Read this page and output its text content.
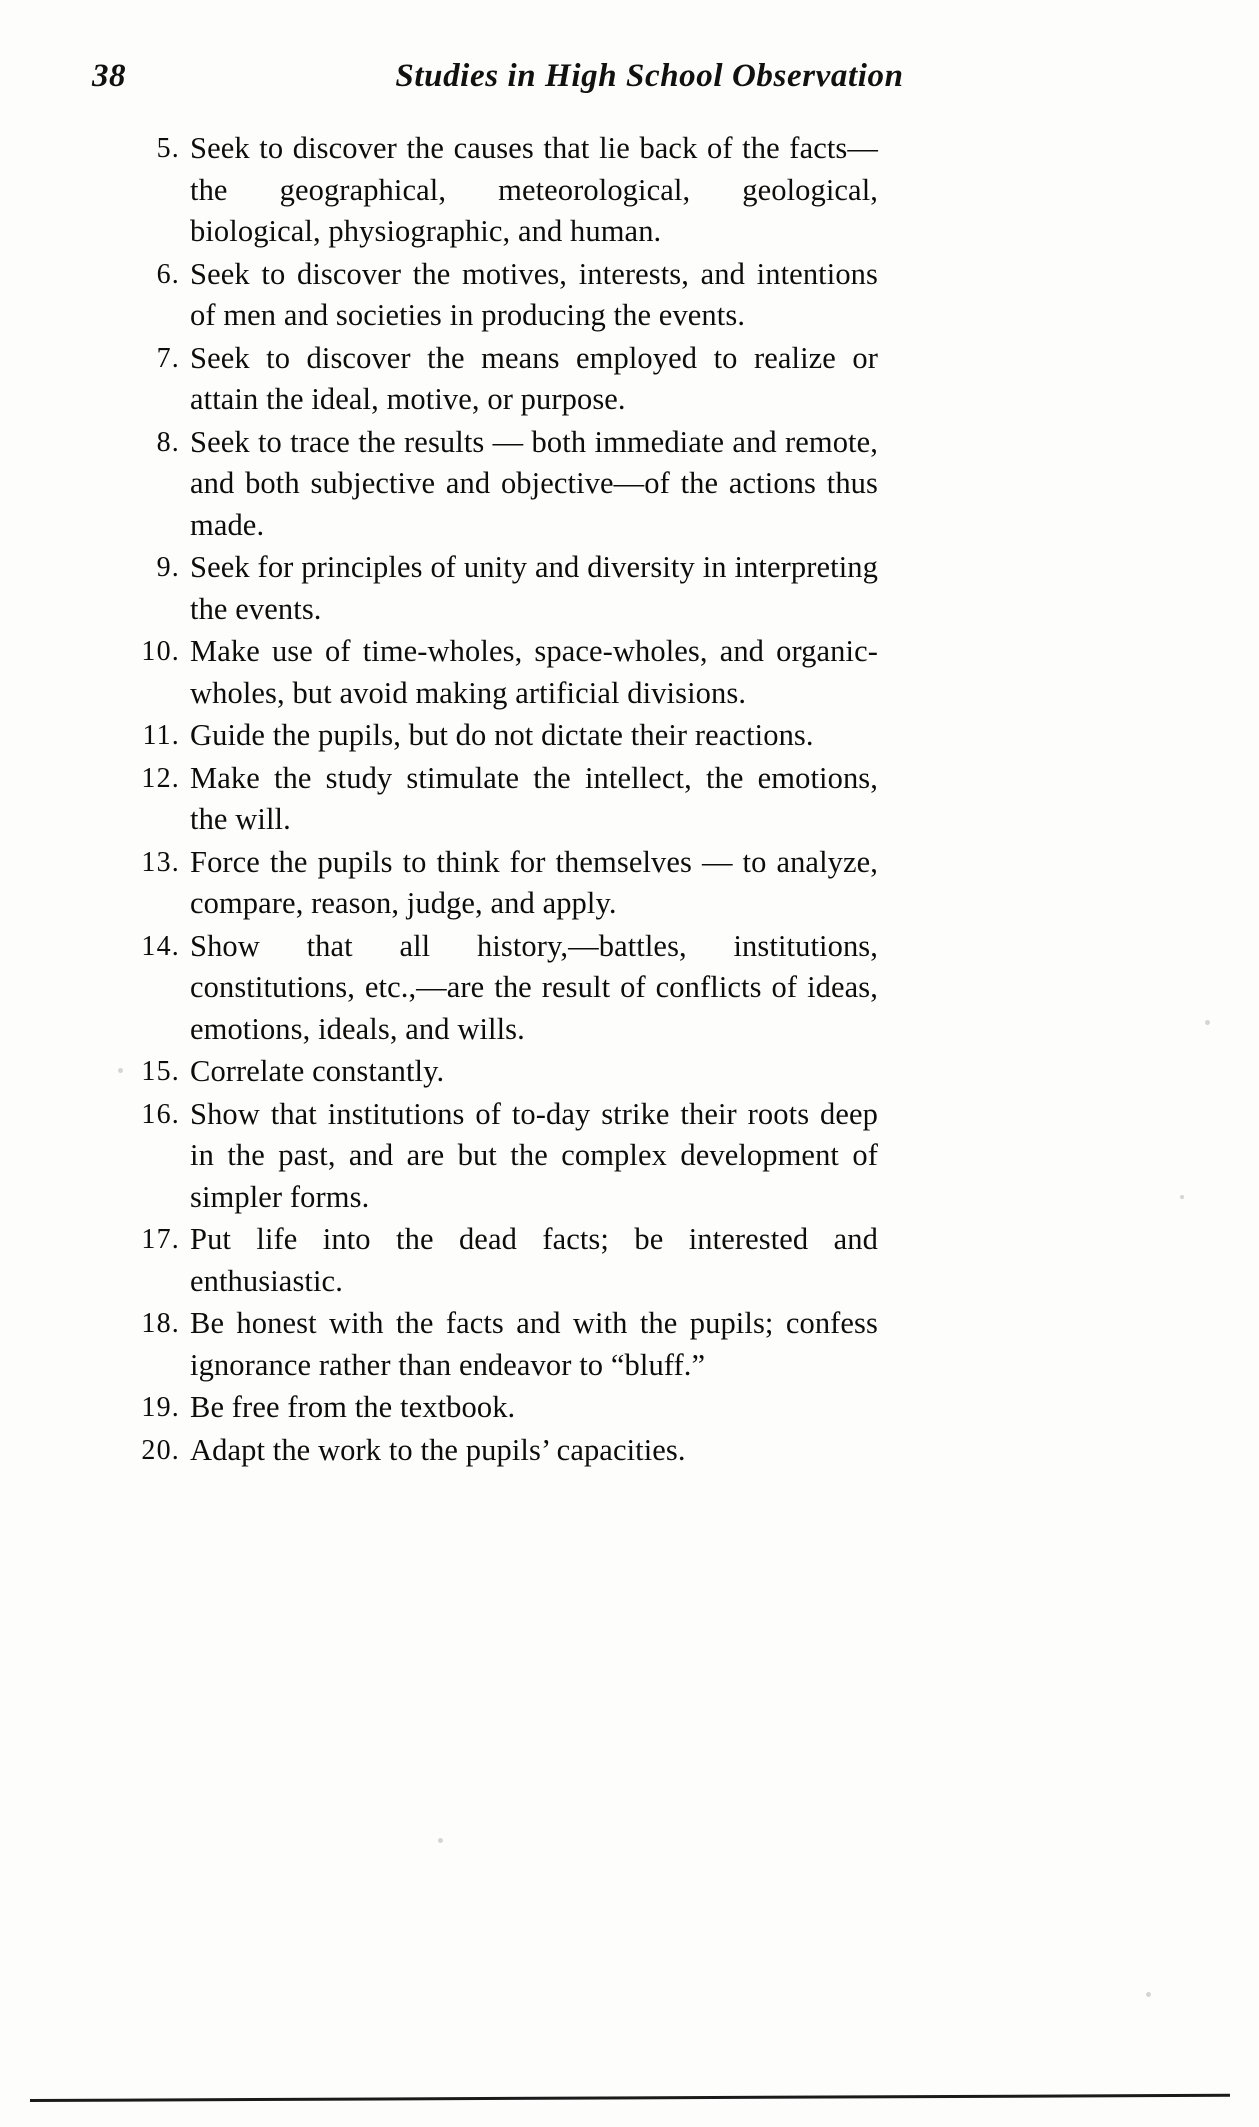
38	Studies in High School Observation
5. Seek to discover the causes that lie back of the facts—the geographical, meteorological, geological, biological, physiographic, and human.
6. Seek to discover the motives, interests, and intentions of men and societies in producing the events.
7. Seek to discover the means employed to realize or attain the ideal, motive, or purpose.
8. Seek to trace the results — both immediate and remote, and both subjective and objective—of the actions thus made.
9. Seek for principles of unity and diversity in interpreting the events.
10. Make use of time-wholes, space-wholes, and organic-wholes, but avoid making artificial divisions.
11. Guide the pupils, but do not dictate their reactions.
12. Make the study stimulate the intellect, the emotions, the will.
13. Force the pupils to think for themselves — to analyze, compare, reason, judge, and apply.
14. Show that all history,—battles, institutions, constitutions, etc.,—are the result of conflicts of ideas, emotions, ideals, and wills.
15. Correlate constantly.
16. Show that institutions of to-day strike their roots deep in the past, and are but the complex development of simpler forms.
17. Put life into the dead facts; be interested and enthusiastic.
18. Be honest with the facts and with the pupils; confess ignorance rather than endeavor to “bluff.”
19. Be free from the textbook.
20. Adapt the work to the pupils’ capacities.
